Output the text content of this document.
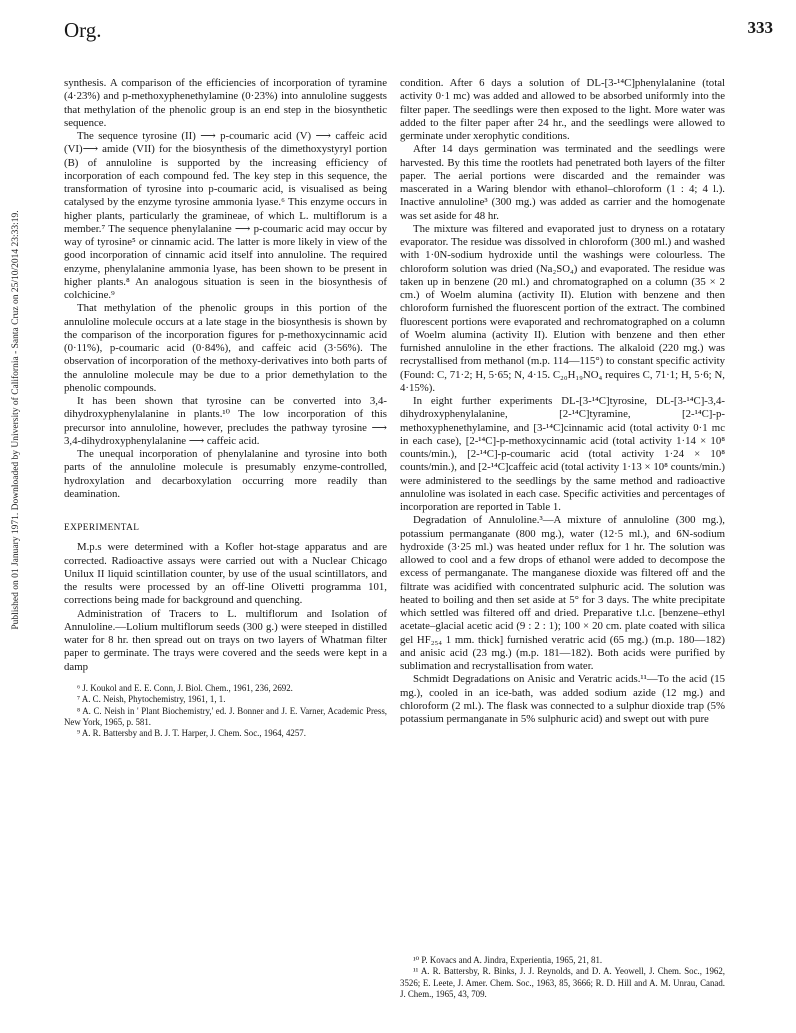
Org.	333
Published on 01 January 1971. Downloaded by University of California - Santa Cruz on 25/10/2014 23:33:19.

synthesis. A comparison of the efficiencies of incorporation of tyramine (4·23%) and p-methoxyphenethylamine (0·23%) into annuloline suggests that methylation of the phenolic group is an end step in the biosynthetic sequence.

The sequence tyrosine (II) ⟶ p-coumaric acid (V) ⟶ caffeic acid (VI)⟶ amide (VII) for the biosynthesis of the dimethoxystyryl portion (B) of annuloline is supported by the increasing efficiency of incorporation of each compound fed. The key step in this sequence, the transformation of tyrosine into p-coumaric acid, is visualised as being catalysed by the enzyme tyrosine ammonia lyase.⁶ This enzyme occurs in higher plants, particularly the gramineae, of which L. multiflorum is a member.⁷ The sequence phenylalanine ⟶ p-coumaric acid may occur by way of tyrosine⁵ or cinnamic acid. The latter is more likely in view of the good incorporation of cinnamic acid itself into annuloline. The required enzyme, phenylalanine ammonia lyase, has been shown to be present in higher plants.⁸ An analogous situation is seen in the biosynthesis of colchicine.⁹

That methylation of the phenolic groups in this portion of the annuloline molecule occurs at a late stage in the biosynthesis is shown by the comparison of the incorporation figures for p-methoxycinnamic acid (0·11%), p-coumaric acid (0·84%), and caffeic acid (3·56%). The observation of incorporation of the methoxy-derivatives into both parts of the annuloline molecule may be due to a prior demethylation to the phenolic compounds.

It has been shown that tyrosine can be converted into 3,4-dihydroxyphenylalanine in plants.¹⁰ The low incorporation of this precursor into annuloline, however, precludes the pathway tyrosine ⟶ 3,4-dihydroxyphenylalanine ⟶ caffeic acid.

The unequal incorporation of phenylalanine and tyrosine into both parts of the annuloline molecule is presumably enzyme-controlled, hydroxylation and decarboxylation occurring more readily than deamination.

EXPERIMENTAL

M.p.s were determined with a Kofler hot-stage apparatus and are corrected. Radioactive assays were carried out with a Nuclear Chicago Unilux II liquid scintillation counter, by use of the usual scintillators, and the results were processed by an off-line Olivetti programma 101, corrections being made for background and quenching.

Administration of Tracers to L. multiflorum and Isolation of Annuloline.—Lolium multiflorum seeds (300 g.) were steeped in distilled water for 8 hr. then spread out on trays on two layers of Whatman filter paper to germinate. The trays were covered and the seeds were kept in a damp

⁶ J. Koukol and E. E. Conn, J. Biol. Chem., 1961, 236, 2692.

⁷ A. C. Neish, Phytochemistry, 1961, 1, 1.

⁸ A. C. Neish in ' Plant Biochemistry,' ed. J. Bonner and J. E. Varner, Academic Press, New York, 1965, p. 581.

⁹ A. R. Battersby and B. J. T. Harper, J. Chem. Soc., 1964, 4257.

condition. After 6 days a solution of DL-[3-¹⁴C]phenylalanine (total activity 0·1 mc) was added and allowed to be absorbed uniformly into the filter paper. The seedlings were then exposed to the light. More water was added to the filter paper after 24 hr., and the seedlings were allowed to germinate under xerophytic conditions.

After 14 days germination was terminated and the seedlings were harvested. By this time the rootlets had penetrated both layers of the filter paper. The aerial portions were discarded and the remainder was mascerated in a Waring blendor with ethanol–chloroform (1 : 4; 4 l.). Inactive annuloline³ (300 mg.) was added as carrier and the homogenate was set aside for 48 hr.

The mixture was filtered and evaporated just to dryness on a rotatary evaporator. The residue was dissolved in chloroform (300 ml.) and washed with 1·0N-sodium hydroxide until the washings were colourless. The chloroform solution was dried (Na₂SO₄) and evaporated. The residue was taken up in benzene (20 ml.) and chromatographed on a column (35 × 2 cm.) of Woelm alumina (activity II). Elution with benzene and then chloroform furnished the fluorescent portion of the extract. The combined fluorescent portions were evaporated and rechromatographed on a column of Woelm alumina (activity II). Elution with benzene and then ether furnished annuloline in the ether fractions. The alkaloid (220 mg.) was recrystallised from methanol (m.p. 114—115°) to constant specific activity (Found: C, 71·2; H, 5·65; N, 4·15. C₂₀H₁₉NO₄ requires C, 71·1; H, 5·6; N, 4·15%).

In eight further experiments DL-[3-¹⁴C]tyrosine, DL-[3-¹⁴C]-3,4-dihydroxyphenylalanine, [2-¹⁴C]tyramine, [2-¹⁴C]-p-methoxyphenethylamine, and [3-¹⁴C]cinnamic acid (total activity 0·1 mc in each case), [2-¹⁴C]-p-methoxycinnamic acid (total activity 1·14 × 10⁸ counts/min.), [2-¹⁴C]-p-coumaric acid (total activity 1·24 × 10⁸ counts/min.), and [2-¹⁴C]caffeic acid (total activity 1·13 × 10⁸ counts/min.) were administered to the seedlings by the same method and radioactive annuloline was isolated in each case. Specific activities and percentages of incorporation are reported in Table 1.

Degradation of Annuloline.³—A mixture of annuloline (300 mg.), potassium permanganate (800 mg.), water (12·5 ml.), and 6N-sodium hydroxide (3·25 ml.) was heated under reflux for 1 hr. The solution was allowed to cool and a few drops of ethanol were added to decompose the excess of permanganate. The manganese dioxide was filtered off and the filtrate was acidified with concentrated sulphuric acid. The solution was heated to boiling and then set aside at 5° for 3 days. The white precipitate which settled was filtered off and dried. Preparative t.l.c. [benzene–ethyl acetate–glacial acetic acid (9 : 2 : 1); 100 × 20 cm. plate coated with silica gel HF₂₅₄ 1 mm. thick] furnished veratric acid (65 mg.) (m.p. 180—182) and anisic acid (23 mg.) (m.p. 181—182). Both acids were purified by sublimation and recrystallisation from water.

Schmidt Degradations on Anisic and Veratric acids.¹¹—To the acid (15 mg.), cooled in an ice-bath, was added sodium azide (12 mg.) and chloroform (2 ml.). The flask was connected to a sulphur dioxide trap (5% potassium permanganate in 5% sulphuric acid) and swept out with pure

¹⁰ P. Kovacs and A. Jindra, Experientia, 1965, 21, 81.

¹¹ A. R. Battersby, R. Binks, J. J. Reynolds, and D. A. Yeowell, J. Chem. Soc., 1962, 3526; E. Leete, J. Amer. Chem. Soc., 1963, 85, 3666; R. D. Hill and A. M. Unrau, Canad. J. Chem., 1965, 43, 709.
